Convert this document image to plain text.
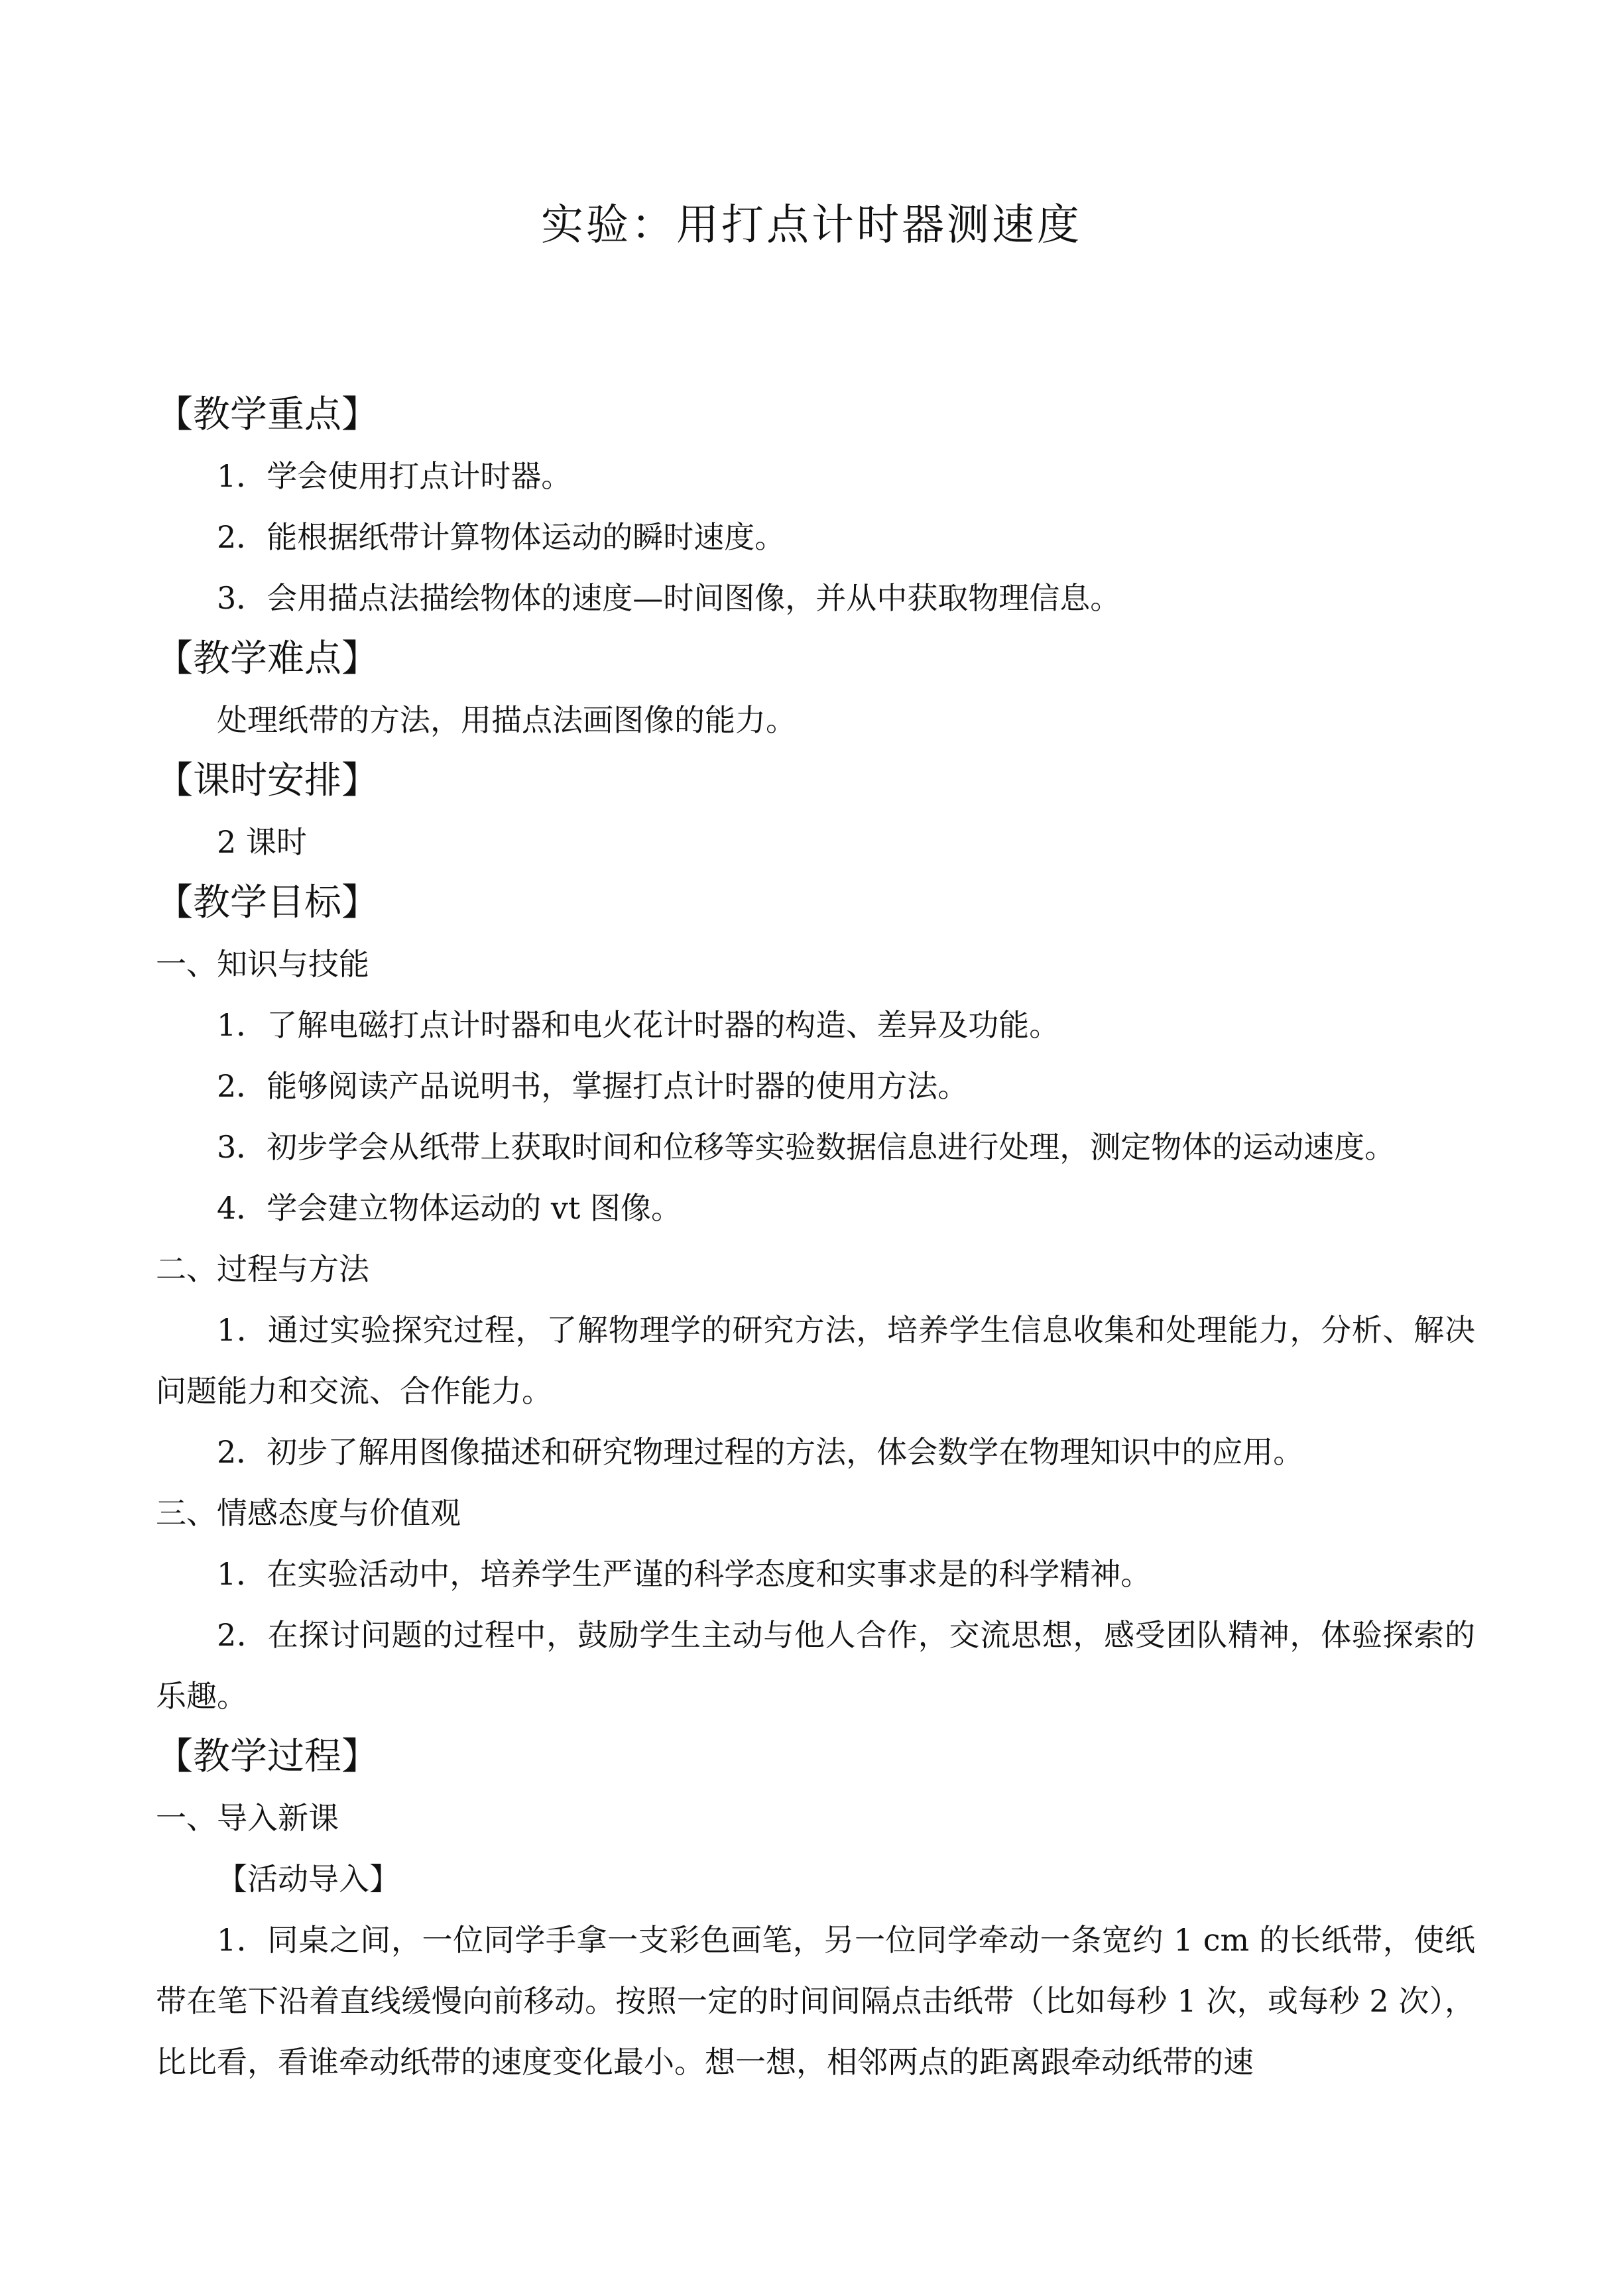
实验：用打点计时器测速度
【教学重点】
1．学会使用打点计时器。
2．能根据纸带计算物体运动的瞬时速度。
3．会用描点法描绘物体的速度—时间图像，并从中获取物理信息。
【教学难点】
处理纸带的方法，用描点法画图像的能力。
【课时安排】
2 课时
【教学目标】
一、知识与技能
1．了解电磁打点计时器和电火花计时器的构造、差异及功能。
2．能够阅读产品说明书，掌握打点计时器的使用方法。
3．初步学会从纸带上获取时间和位移等实验数据信息进行处理，测定物体的运动速度。
4．学会建立物体运动的 vt 图像。
二、过程与方法
1．通过实验探究过程，了解物理学的研究方法，培养学生信息收集和处理能力，分析、解决问题能力和交流、合作能力。
2．初步了解用图像描述和研究物理过程的方法，体会数学在物理知识中的应用。
三、情感态度与价值观
1．在实验活动中，培养学生严谨的科学态度和实事求是的科学精神。
2．在探讨问题的过程中，鼓励学生主动与他人合作，交流思想，感受团队精神，体验探索的乐趣。
【教学过程】
一、导入新课
【活动导入】
1．同桌之间，一位同学手拿一支彩色画笔，另一位同学牵动一条宽约 1 cm 的长纸带，使纸带在笔下沿着直线缓慢向前移动。按照一定的时间间隔点击纸带（比如每秒 1 次，或每秒 2 次），比比看，看谁牵动纸带的速度变化最小。想一想，相邻两点的距离跟牵动纸带的速
